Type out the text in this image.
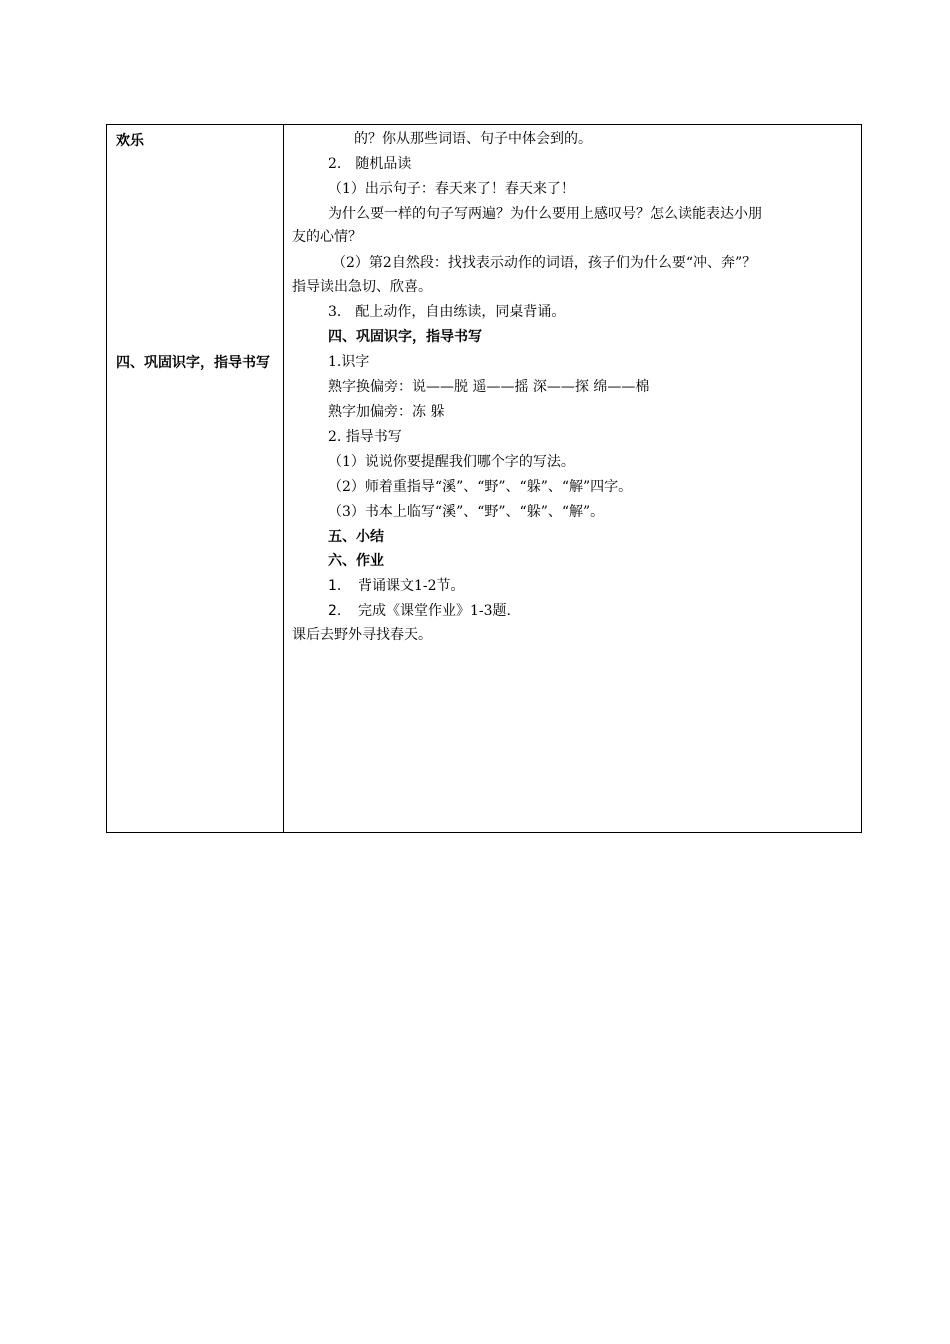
欢乐
四、巩固识字，指导书写
的？你从那些词语、句子中体会到的。
2． 随机品读
（1）出示句子：春天来了！春天来了！
为什么要一样的句子写两遍？为什么要用上感叹号？怎么读能表达小朋
友的心情？
（2）第2自然段：找找表示动作的词语，孩子们为什么要“冲、奔”？
指导读出急切、欣喜。
3． 配上动作，自由练读，同桌背诵。
四、巩固识字，指导书写
1.识字
熟字换偏旁：说——脱 遥——摇 深——探 绵——棉
熟字加偏旁：冻 躲
2. 指导书写
（1）说说你要提醒我们哪个字的写法。
（2）师着重指导“溪”、“野”、“躲”、“解”四字。
（3）书本上临写“溪”、“野”、“躲”、“解”。
五、小结
六、作业
1. 背诵课文1-2节。
2. 完成《课堂作业》1-3题.
课后去野外寻找春天。
